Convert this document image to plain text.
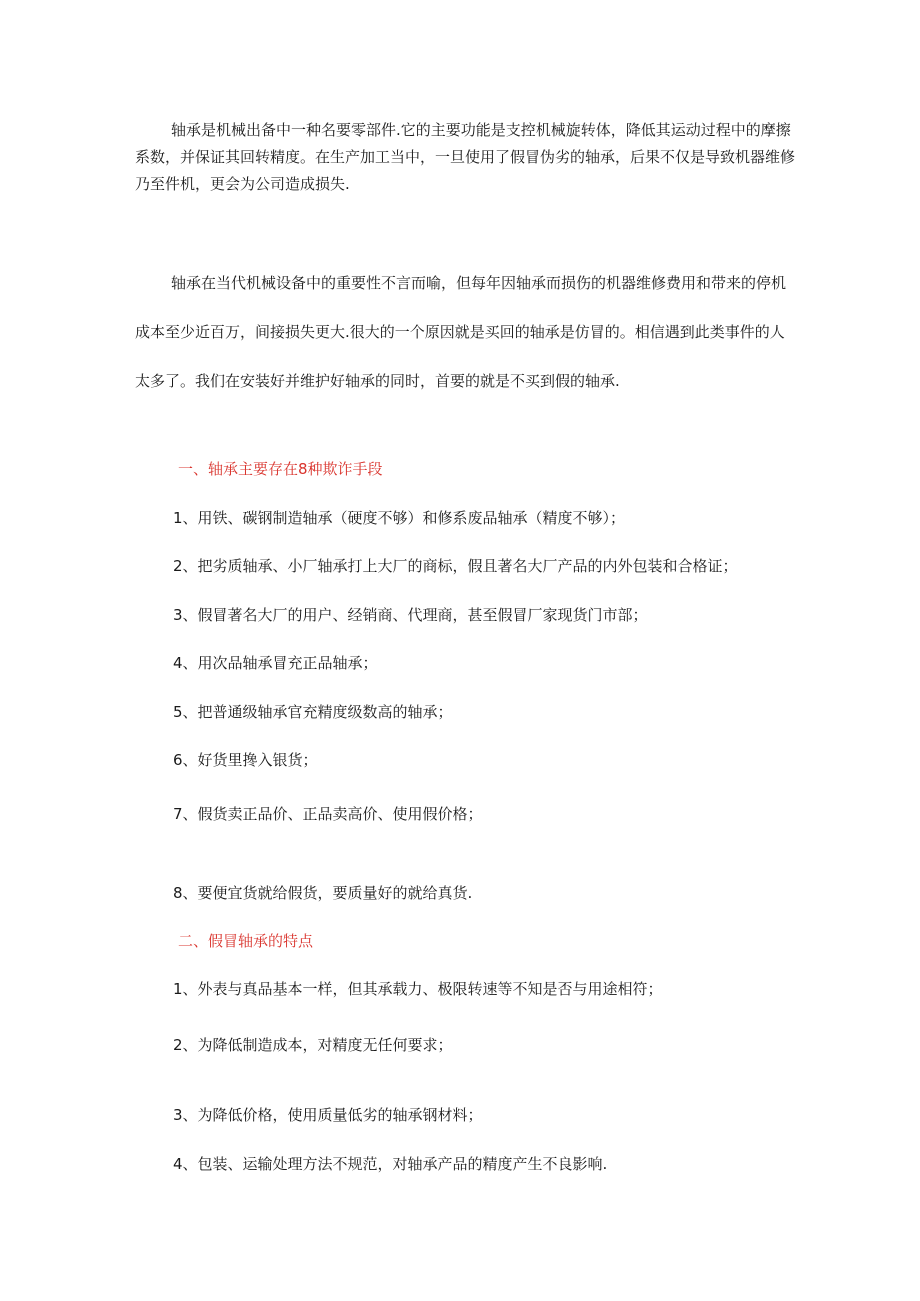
轴承是机械出备中一种名要零部件.它的主要功能是支控机械旋转体，降低其运动过程中的摩擦系数，并保证其回转精度。在生产加工当中，一旦使用了假冒伪劣的轴承，后果不仅是导致机器维修乃至件机，更会为公司造成损失.

轴承在当代机械设备中的重要性不言而喻，但每年因轴承而损伤的机器维修费用和带来的停机成本至少近百万，间接损失更大.很大的一个原因就是买回的轴承是仿冒的。相信遇到此类事件的人太多了。我们在安装好并维护好轴承的同时，首要的就是不买到假的轴承.

一、轴承主要存在8种欺诈手段

1、用铁、碳钢制造轴承（硬度不够）和修系废品轴承（精度不够）；

2、把劣质轴承、小厂轴承打上大厂的商标，假且著名大厂产品的内外包装和合格证；

3、假冒著名大厂的用户、经销商、代理商，甚至假冒厂家现货门市部；

4、用次品轴承冒充正品轴承；

5、把普通级轴承官充精度级数高的轴承；

6、好货里搀入银货；

7、假货卖正品价、正品卖高价、使用假价格；

8、要便宜货就给假货，要质量好的就给真货.

二、假冒轴承的特点

1、外表与真品基本一样，但其承载力、极限转速等不知是否与用途相符；

2、为降低制造成本，对精度无任何要求；

3、为降低价格，使用质量低劣的轴承钢材料；

4、包装、运输处理方法不规范，对轴承产品的精度产生不良影响.
